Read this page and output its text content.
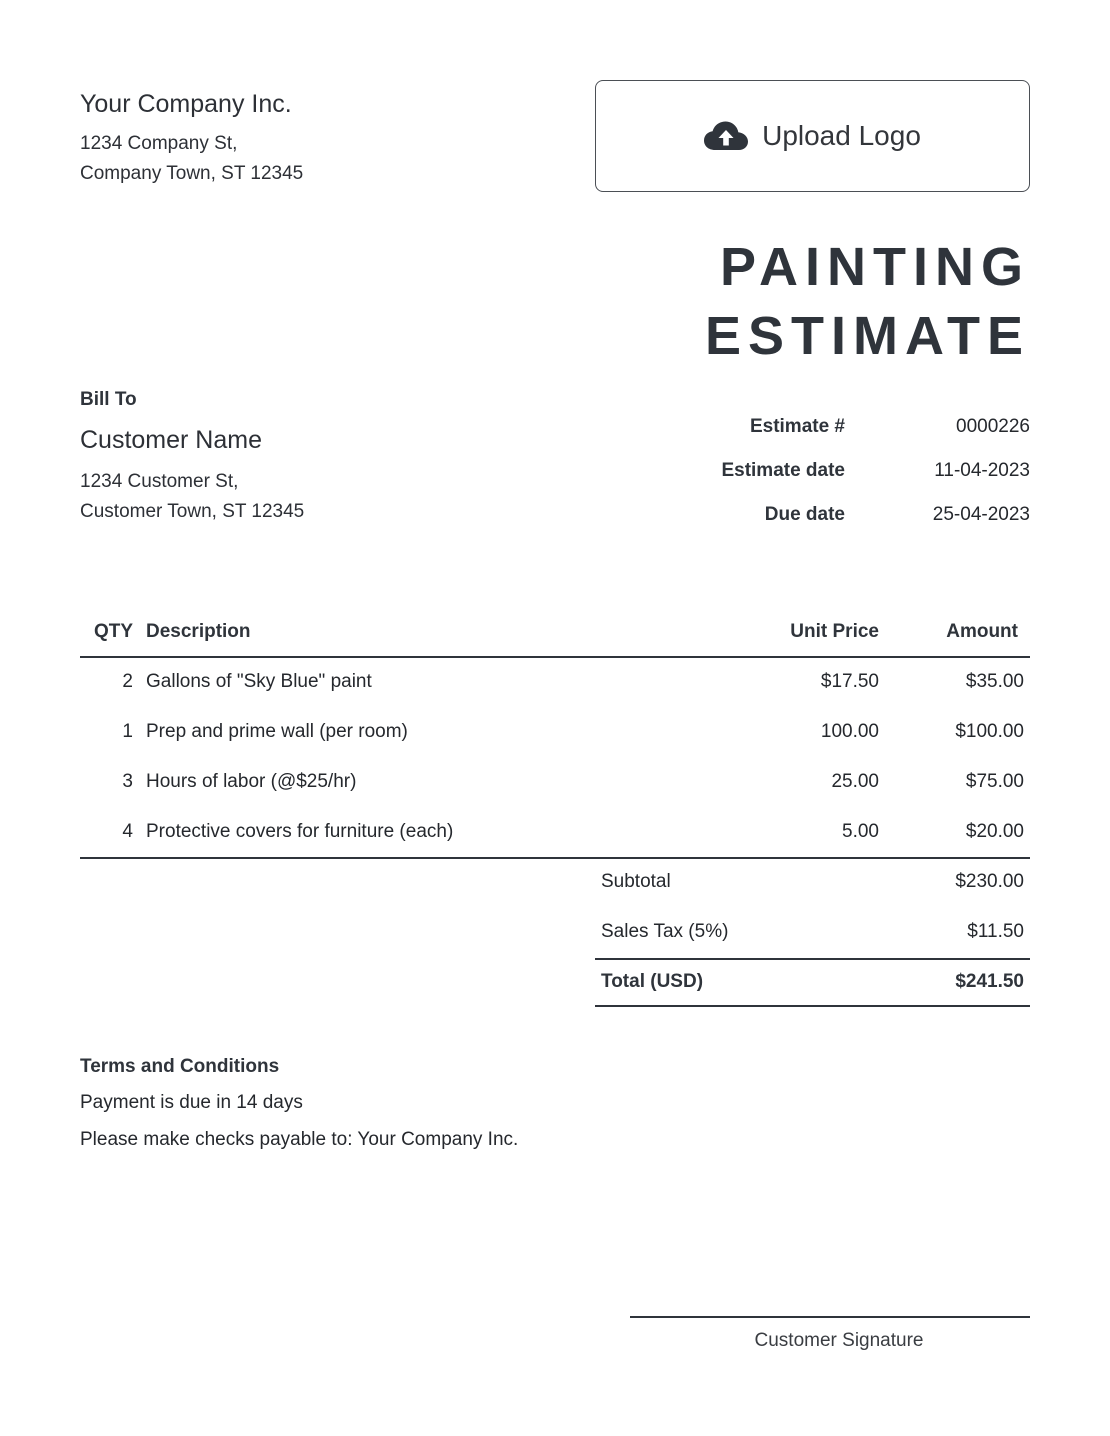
Your Company Inc.
1234 Company St,
Company Town, ST 12345
Upload Logo
PAINTING
ESTIMATE
Bill To
Customer Name
1234 Customer St,
Customer Town, ST 12345
Estimate #	0000226
Estimate date	11-04-2023
Due date	25-04-2023
QTY Description	Unit Price	Amount
2 Gallons of "Sky Blue" paint	$17.50	$35.00
1 Prep and prime wall (per room)	100.00	$100.00
3 Hours of labor (@$25/hr)	25.00	$75.00
4 Protective covers for furniture (each)	5.00	$20.00
Subtotal	$230.00
Sales Tax (5%)	$11.50
Total (USD)	$241.50
Terms and Conditions
Payment is due in 14 days
Please make checks payable to: Your Company Inc.
Customer Signature
